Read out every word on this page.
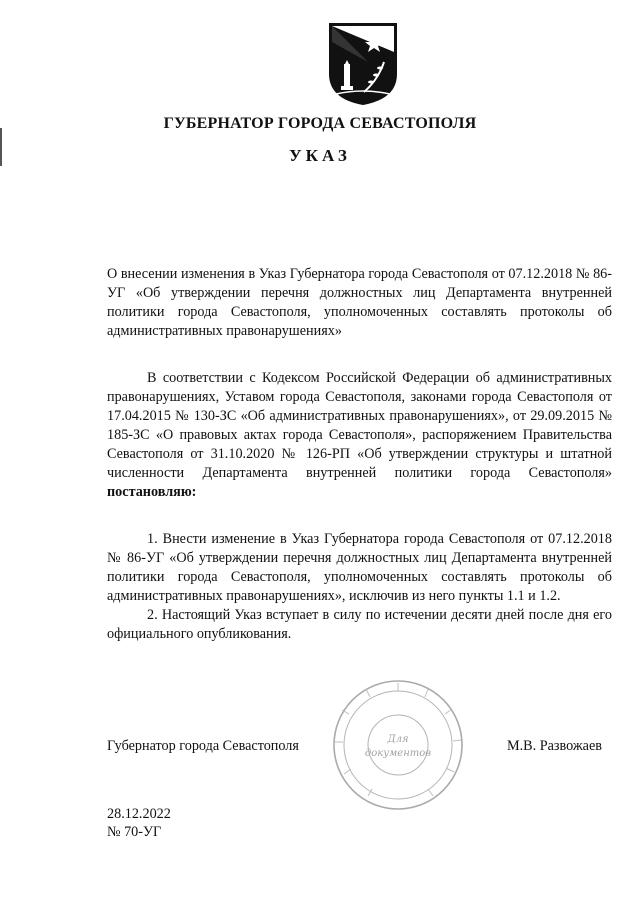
ГУБЕРНАТОР ГОРОДА СЕВАСТОПОЛЯ
УКАЗ
О внесении изменения в Указ Губернатора города Севастополя от 07.12.2018 № 86-УГ «Об утверждении перечня должностных лиц Департамента внутренней политики города Севастополя, уполномоченных составлять протоколы об административных правонарушениях»
В соответствии с Кодексом Российской Федерации об административных правонарушениях, Уставом города Севастополя, законами города Севастополя от 17.04.2015 № 130-ЗС «Об административных правонарушениях», от 29.09.2015 № 185-ЗС «О правовых актах города Севастополя», распоряжением Правительства Севастополя от 31.10.2020 № 126-РП «Об утверждении структуры и штатной численности Департамента внутренней политики города Севастополя» постановляю:

1. Внести изменение в Указ Губернатора города Севастополя от 07.12.2018 № 86-УГ «Об утверждении перечня должностных лиц Департамента внутренней политики города Севастополя, уполномоченных составлять протоколы об административных правонарушениях», исключив из него пункты 1.1 и 1.2.

2. Настоящий Указ вступает в силу по истечении десяти дней после дня его официального опубликования.

Для
документов
Губернатор города Севастополя	М.В. Развожаев
28.12.2022
№ 70-УГ
